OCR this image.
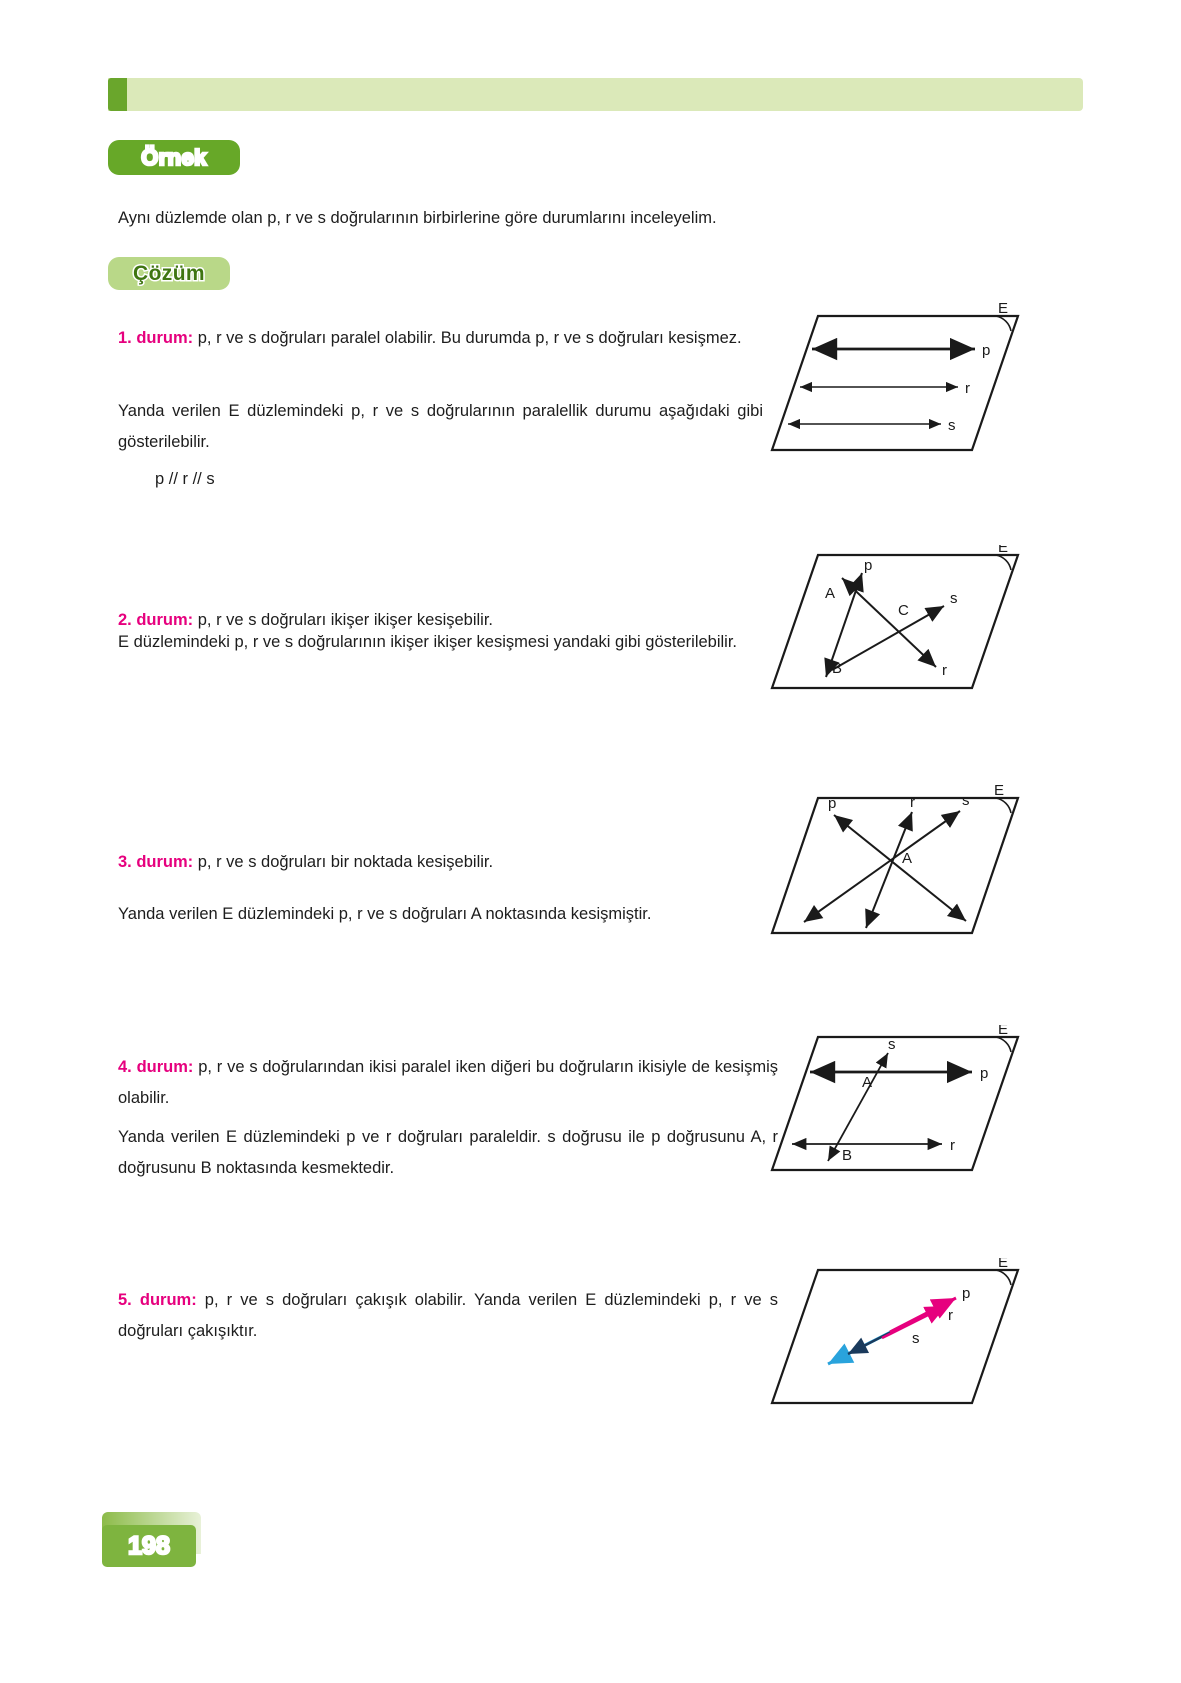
Örnek

Aynı düzlemde olan p, r ve s doğrularının birbirlerine göre durumlarını inceleyelim.

Çözüm

1. durum: p, r ve s doğruları paralel olabilir. Bu durumda p, r ve s doğruları kesişmez.

Yanda verilen E düzlemindeki p, r ve s doğrularının paralellik durumu aşağıdaki gibi gösterilebilir.

p // r // s

E
p
r
s

2. durum: p, r ve s doğruları ikişer ikişer kesişebilir.

E düzlemindeki p, r ve s doğrularının ikişer ikişer kesişmesi yandaki gibi gösterilebilir.

E
p
s
r
A
B
C

3. durum: p, r ve s doğruları bir noktada kesişebilir.

Yanda verilen E düzlemindeki p, r ve s doğruları A noktasında kesişmiştir.

E
p	r	s
A

4. durum: p, r ve s doğrularından ikisi paralel iken diğeri bu doğruların ikisiyle de kesişmiş olabilir.

Yanda verilen E düzlemindeki p ve r doğruları paraleldir. s doğrusu ile p doğrusunu A, r doğrusunu B noktasında kesmektedir.

E
p
r
s
A
B

5. durum: p, r ve s doğruları çakışık olabilir. Yanda verilen E düzlemindeki p, r ve s doğruları çakışıktır.

E
p
r
s
198
